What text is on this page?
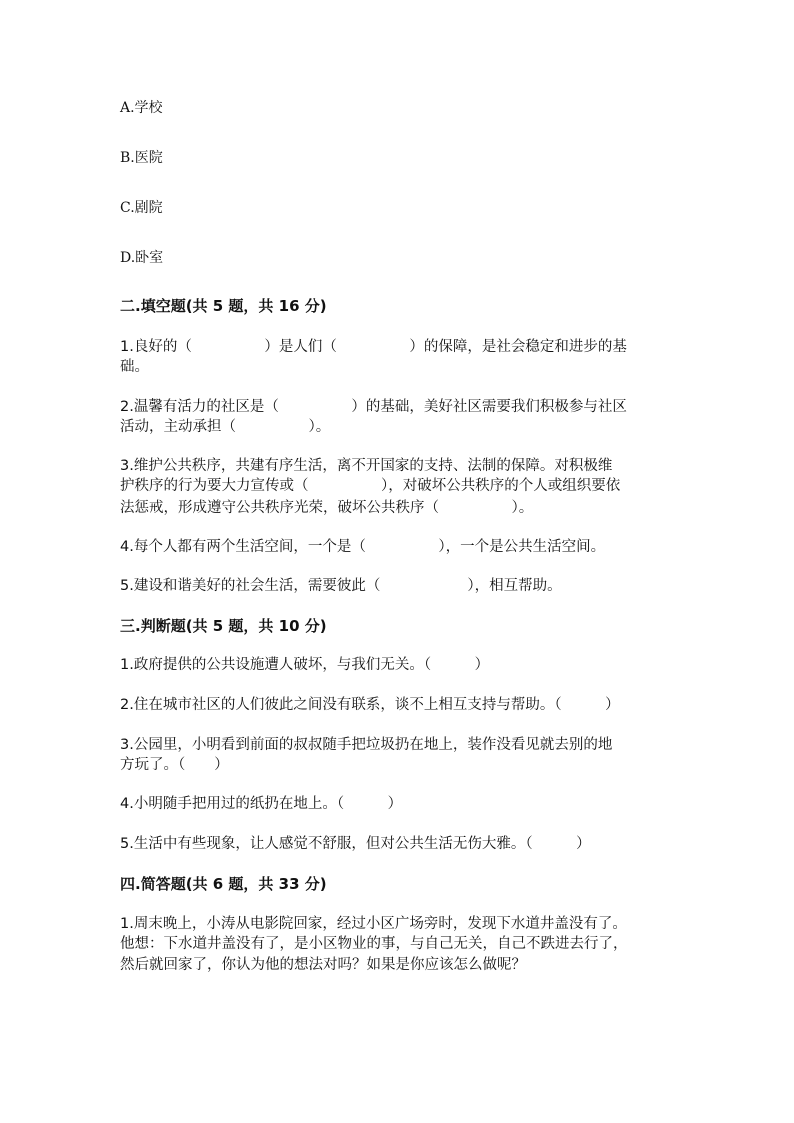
A.学校
B.医院
C.剧院
D.卧室
二.填空题(共 5 题，共 16 分)
1.良好的（　　　　　）是人们（　　　　　）的保障，是社会稳定和进步的基
础。
2.温馨有活力的社区是（　　　　　）的基础，美好社区需要我们积极参与社区
活动，主动承担（　　　　　）。
3.维护公共秩序，共建有序生活，离不开国家的支持、法制的保障。对积极维
护秩序的行为要大力宣传或（　　　　　），对破坏公共秩序的个人或组织要依
法惩戒，形成遵守公共秩序光荣，破坏公共秩序（　　　　　）。
4.每个人都有两个生活空间，一个是（　　　　　），一个是公共生活空间。
5.建设和谐美好的社会生活，需要彼此（　　　　　　），相互帮助。
三.判断题(共 5 题，共 10 分)
1.政府提供的公共设施遭人破坏，与我们无关。（　　　）
2.住在城市社区的人们彼此之间没有联系，谈不上相互支持与帮助。（　　　）
3.公园里，小明看到前面的叔叔随手把垃圾扔在地上，装作没看见就去别的地
方玩了。（　　）
4.小明随手把用过的纸扔在地上。（　　　）
5.生活中有些现象，让人感觉不舒服，但对公共生活无伤大雅。（　　　）
四.简答题(共 6 题，共 33 分)
1.周末晚上，小涛从电影院回家，经过小区广场旁时，发现下水道井盖没有了。
他想：下水道井盖没有了，是小区物业的事，与自己无关，自己不跌进去行了，
然后就回家了，你认为他的想法对吗？如果是你应该怎么做呢？
